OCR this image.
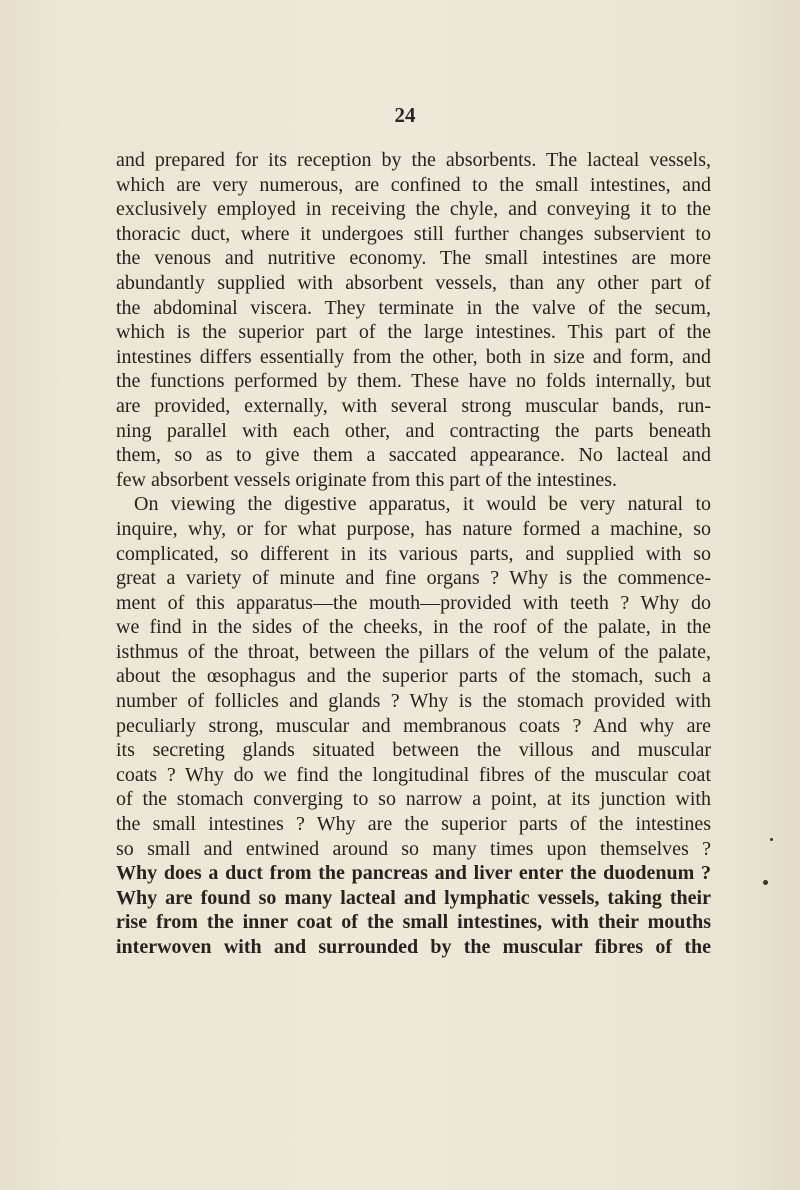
24
and prepared for its reception by the absorbents. The lacteal vessels,
which are very numerous, are confined to the small intestines, and
exclusively employed in receiving the chyle, and conveying it to the
thoracic duct, where it undergoes still further changes subservient to
the venous and nutritive economy. The small intestines are more
abundantly supplied with absorbent vessels, than any other part of
the abdominal viscera. They terminate in the valve of the secum,
which is the superior part of the large intestines. This part of the
intestines differs essentially from the other, both in size and form, and
the functions performed by them. These have no folds internally, but
are provided, externally, with several strong muscular bands, run-
ning parallel with each other, and contracting the parts beneath
them, so as to give them a saccated appearance. No lacteal and
few absorbent vessels originate from this part of the intestines.
On viewing the digestive apparatus, it would be very natural to
inquire, why, or for what purpose, has nature formed a machine, so
complicated, so different in its various parts, and supplied with so
great a variety of minute and fine organs ? Why is the commence-
ment of this apparatus—the mouth—provided with teeth ? Why do
we find in the sides of the cheeks, in the roof of the palate, in the
isthmus of the throat, between the pillars of the velum of the palate,
about the œsophagus and the superior parts of the stomach, such a
number of follicles and glands ? Why is the stomach provided with
peculiarly strong, muscular and membranous coats ? And why are
its secreting glands situated between the villous and muscular
coats ? Why do we find the longitudinal fibres of the muscular coat
of the stomach converging to so narrow a point, at its junction with
the small intestines ? Why are the superior parts of the intestines
so small and entwined around so many times upon themselves ?
Why does a duct from the pancreas and liver enter the duodenum ?
Why are found so many lacteal and lymphatic vessels, taking their
rise from the inner coat of the small intestines, with their mouths
interwoven with and surrounded by the muscular fibres of the
